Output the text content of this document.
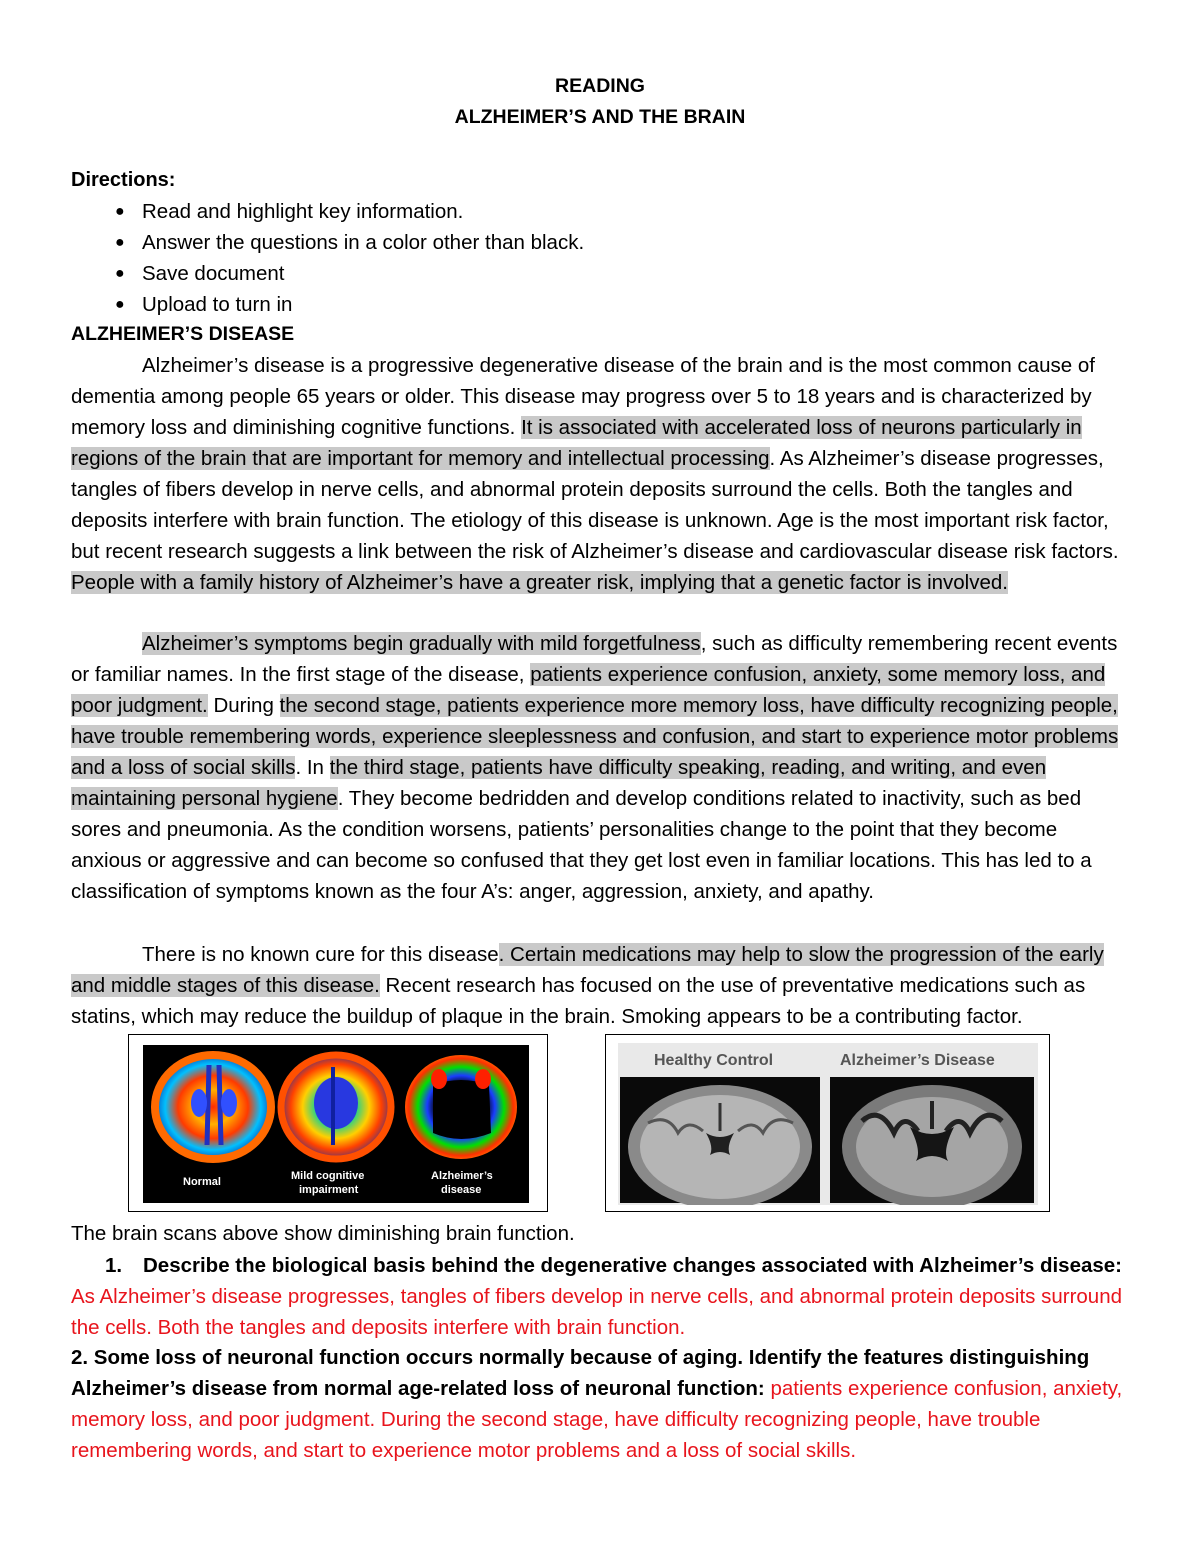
READING
ALZHEIMER’S AND THE BRAIN
Directions:
● Read and highlight key information.
● Answer the questions in a color other than black.
● Save document
● Upload to turn in
ALZHEIMER’S DISEASE

Alzheimer’s disease is a progressive degenerative disease of the brain and is the most common cause of dementia among people 65 years or older. This disease may progress over 5 to 18 years and is characterized by memory loss and diminishing cognitive functions. It is associated with accelerated loss of neurons particularly in regions of the brain that are important for memory and intellectual processing. As Alzheimer’s disease progresses, tangles of fibers develop in nerve cells, and abnormal protein deposits surround the cells. Both the tangles and deposits interfere with brain function. The etiology of this disease is unknown. Age is the most important risk factor, but recent research suggests a link between the risk of Alzheimer’s disease and cardiovascular disease risk factors. People with a family history of Alzheimer’s have a greater risk, implying that a genetic factor is involved.

Alzheimer’s symptoms begin gradually with mild forgetfulness, such as difficulty remembering recent events or familiar names. In the first stage of the disease, patients experience confusion, anxiety, some memory loss, and poor judgment. During the second stage, patients experience more memory loss, have difficulty recognizing people, have trouble remembering words, experience sleeplessness and confusion, and start to experience motor problems and a loss of social skills. In the third stage, patients have difficulty speaking, reading, and writing, and even maintaining personal hygiene. They become bedridden and develop conditions related to inactivity, such as bed sores and pneumonia. As the condition worsens, patients’ personalities change to the point that they become anxious or aggressive and can become so confused that they get lost even in familiar locations. This has led to a classification of symptoms known as the four A’s: anger, aggression, anxiety, and apathy.

There is no known cure for this disease. Certain medications may help to slow the progression of the early and middle stages of this disease. Recent research has focused on the use of preventative medications such as statins, which may reduce the buildup of plaque in the brain. Smoking appears to be a contributing factor.

Normal	Mild cognitive
impairment
Alzheimer’s
disease
Healthy Control	Alzheimer’s Disease
The brain scans above show diminishing brain function.
1. Describe the biological basis behind the degenerative changes associated with Alzheimer’s disease:
As Alzheimer’s disease progresses, tangles of fibers develop in nerve cells, and abnormal protein deposits surround the cells. Both the tangles and deposits interfere with brain function.
2. Some loss of neuronal function occurs normally because of aging. Identify the features distinguishing Alzheimer’s disease from normal age-related loss of neuronal function: patients experience confusion, anxiety, memory loss, and poor judgment. During the second stage, have difficulty recognizing people, have trouble remembering words, and start to experience motor problems and a loss of social skills.
